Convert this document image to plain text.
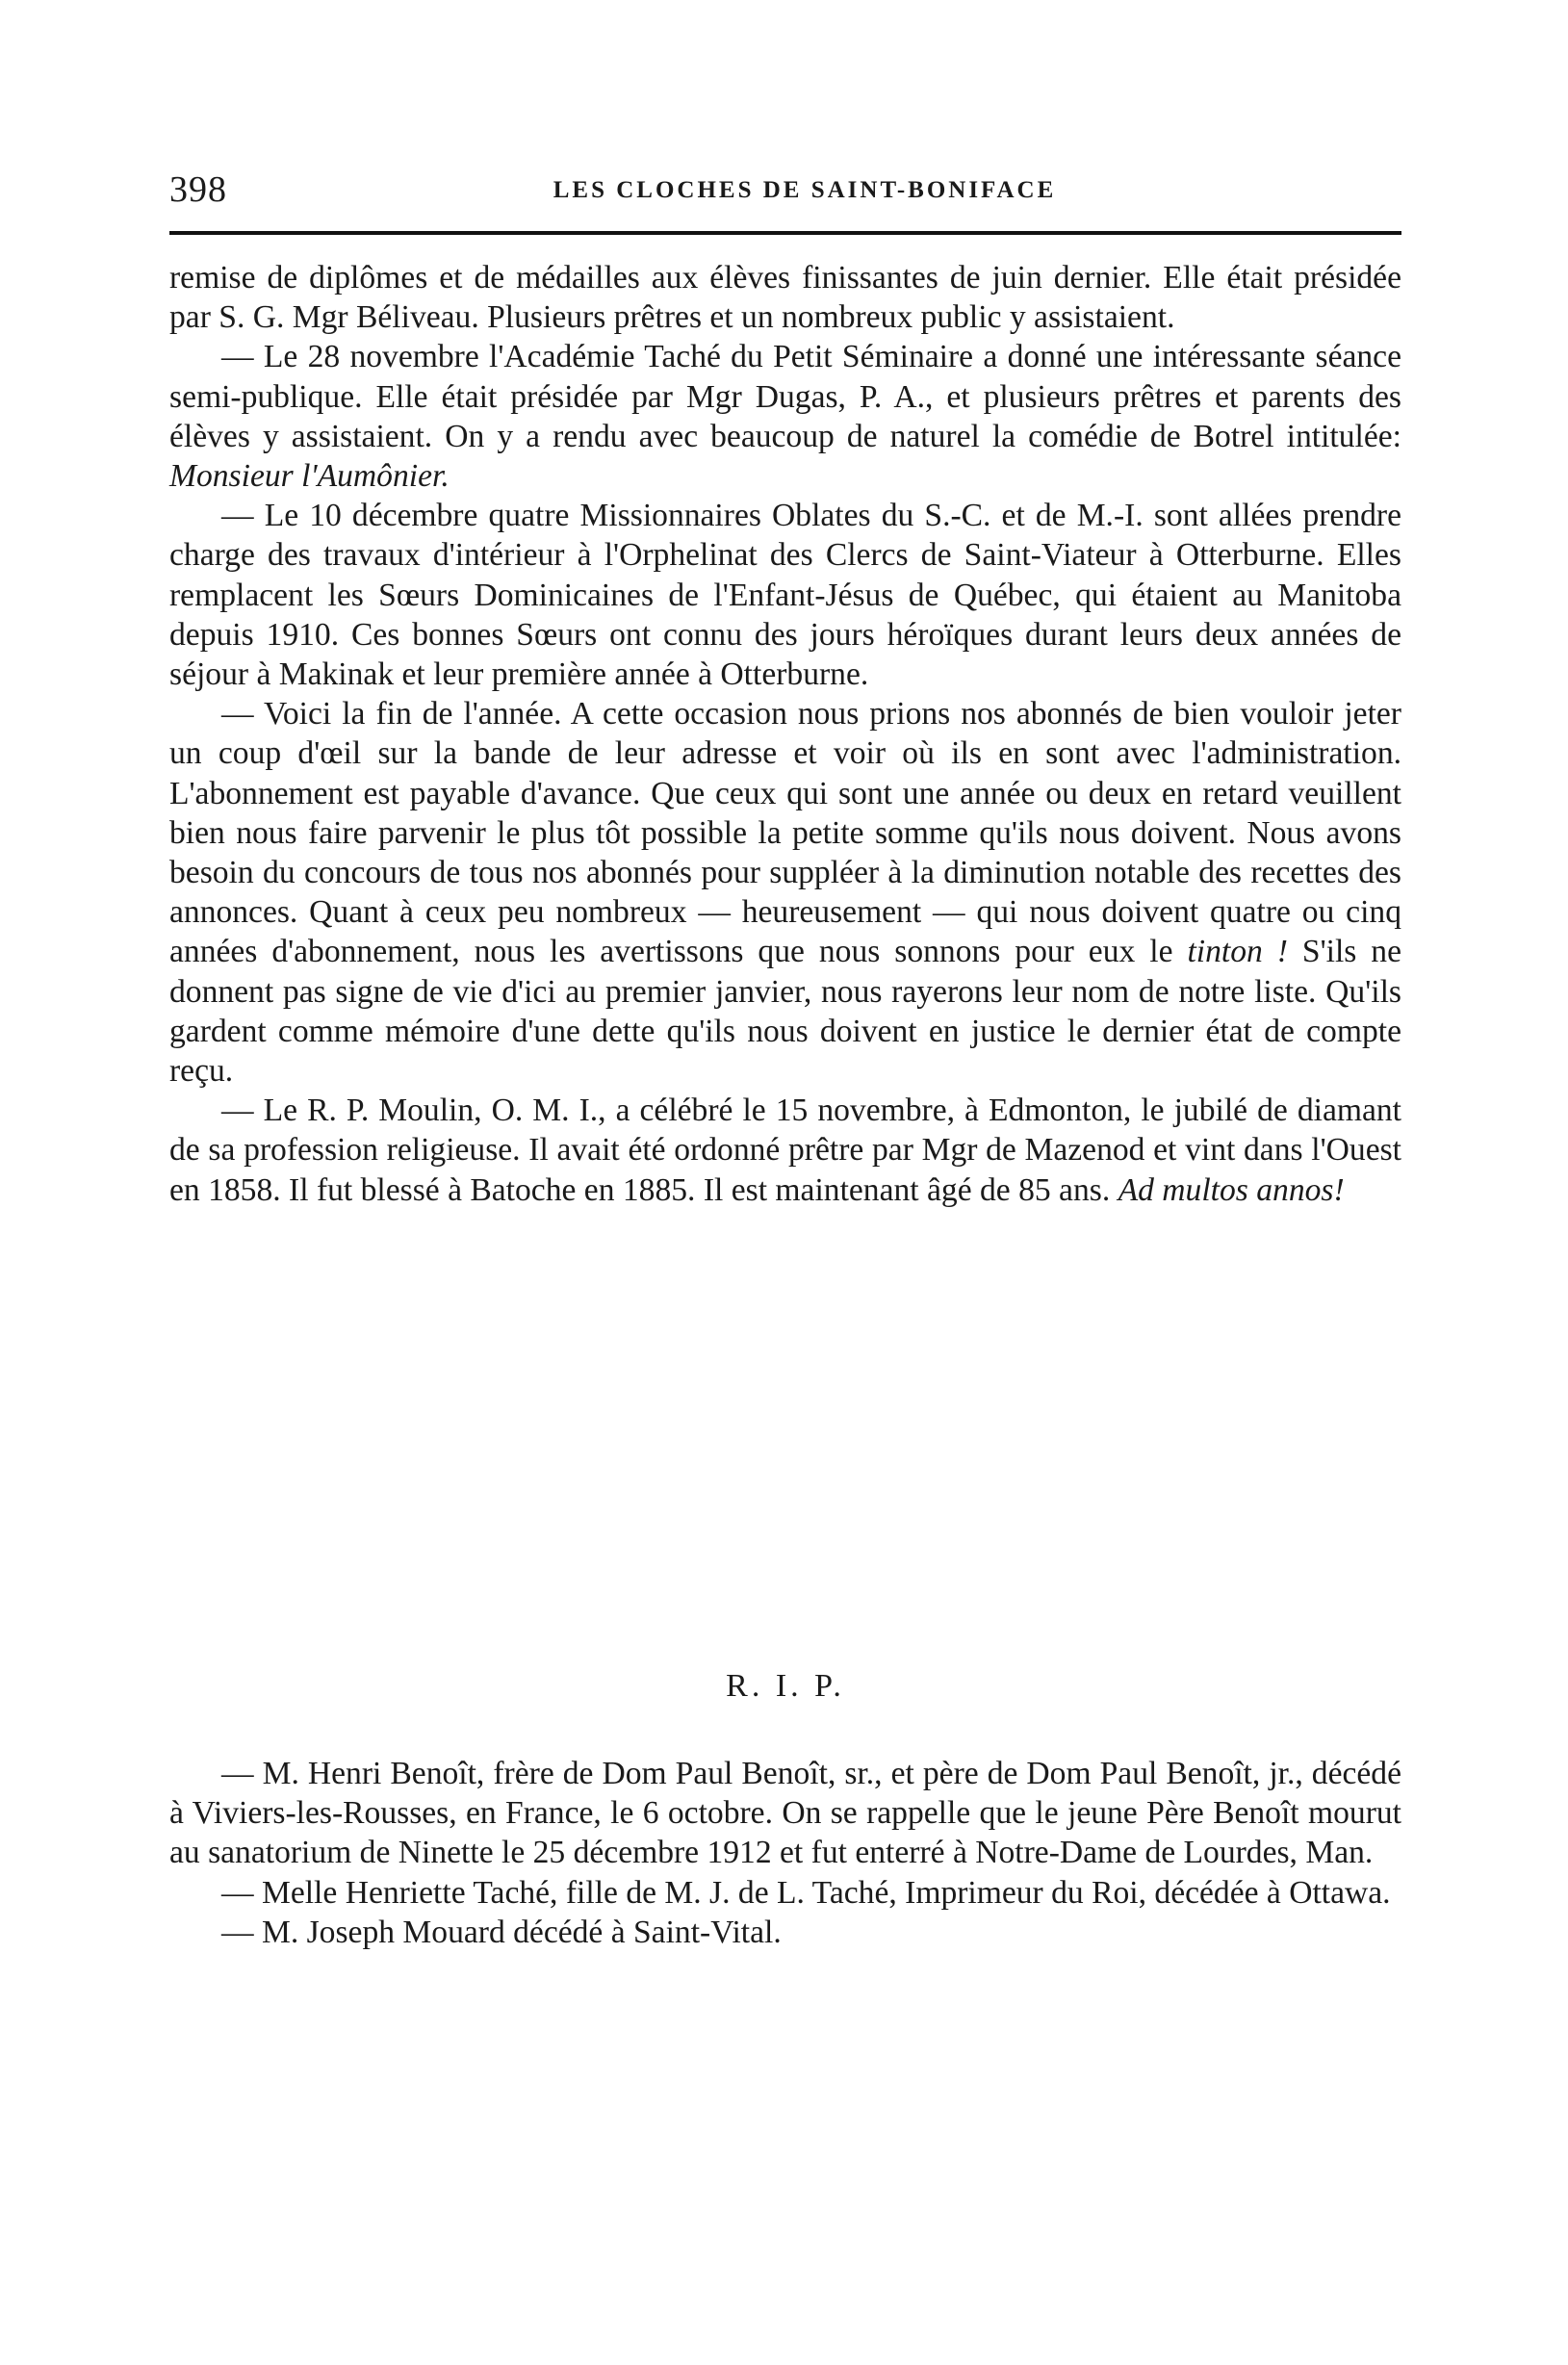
398	LES CLOCHES DE SAINT-BONIFACE

remise de diplômes et de médailles aux élèves finissantes de juin dernier. Elle était présidée par S. G. Mgr Béliveau. Plusieurs prêtres et un nombreux public y assistaient.

— Le 28 novembre l'Académie Taché du Petit Séminaire a donné une intéressante séance semi-publique. Elle était présidée par Mgr Dugas, P. A., et plusieurs prêtres et parents des élèves y assistaient. On y a rendu avec beaucoup de naturel la comédie de Botrel intitulée: Monsieur l'Aumônier.

— Le 10 décembre quatre Missionnaires Oblates du S.-C. et de M.-I. sont allées prendre charge des travaux d'intérieur à l'Orphelinat des Clercs de Saint-Viateur à Otterburne. Elles remplacent les Sœurs Dominicaines de l'Enfant-Jésus de Québec, qui étaient au Manitoba depuis 1910. Ces bonnes Sœurs ont connu des jours héroïques durant leurs deux années de séjour à Makinak et leur première année à Otterburne.

— Voici la fin de l'année. A cette occasion nous prions nos abonnés de bien vouloir jeter un coup d'œil sur la bande de leur adresse et voir où ils en sont avec l'administration. L'abonnement est payable d'avance. Que ceux qui sont une année ou deux en retard veuillent bien nous faire parvenir le plus tôt possible la petite somme qu'ils nous doivent. Nous avons besoin du concours de tous nos abonnés pour suppléer à la diminution notable des recettes des annonces. Quant à ceux peu nombreux — heureusement — qui nous doivent quatre ou cinq années d'abonnement, nous les avertissons que nous sonnons pour eux le tinton ! S'ils ne donnent pas signe de vie d'ici au premier janvier, nous rayerons leur nom de notre liste. Qu'ils gardent comme mémoire d'une dette qu'ils nous doivent en justice le dernier état de compte reçu.

— Le R. P. Moulin, O. M. I., a célébré le 15 novembre, à Edmonton, le jubilé de diamant de sa profession religieuse. Il avait été ordonné prêtre par Mgr de Mazenod et vint dans l'Ouest en 1858. Il fut blessé à Batoche en 1885. Il est maintenant âgé de 85 ans. Ad multos annos!

R. I. P.

— M. Henri Benoît, frère de Dom Paul Benoît, sr., et père de Dom Paul Benoît, jr., décédé à Viviers-les-Rousses, en France, le 6 octobre. On se rappelle que le jeune Père Benoît mourut au sanatorium de Ninette le 25 décembre 1912 et fut enterré à Notre-Dame de Lourdes, Man.

— Melle Henriette Taché, fille de M. J. de L. Taché, Imprimeur du Roi, décédée à Ottawa.

— M. Joseph Mouard décédé à Saint-Vital.
